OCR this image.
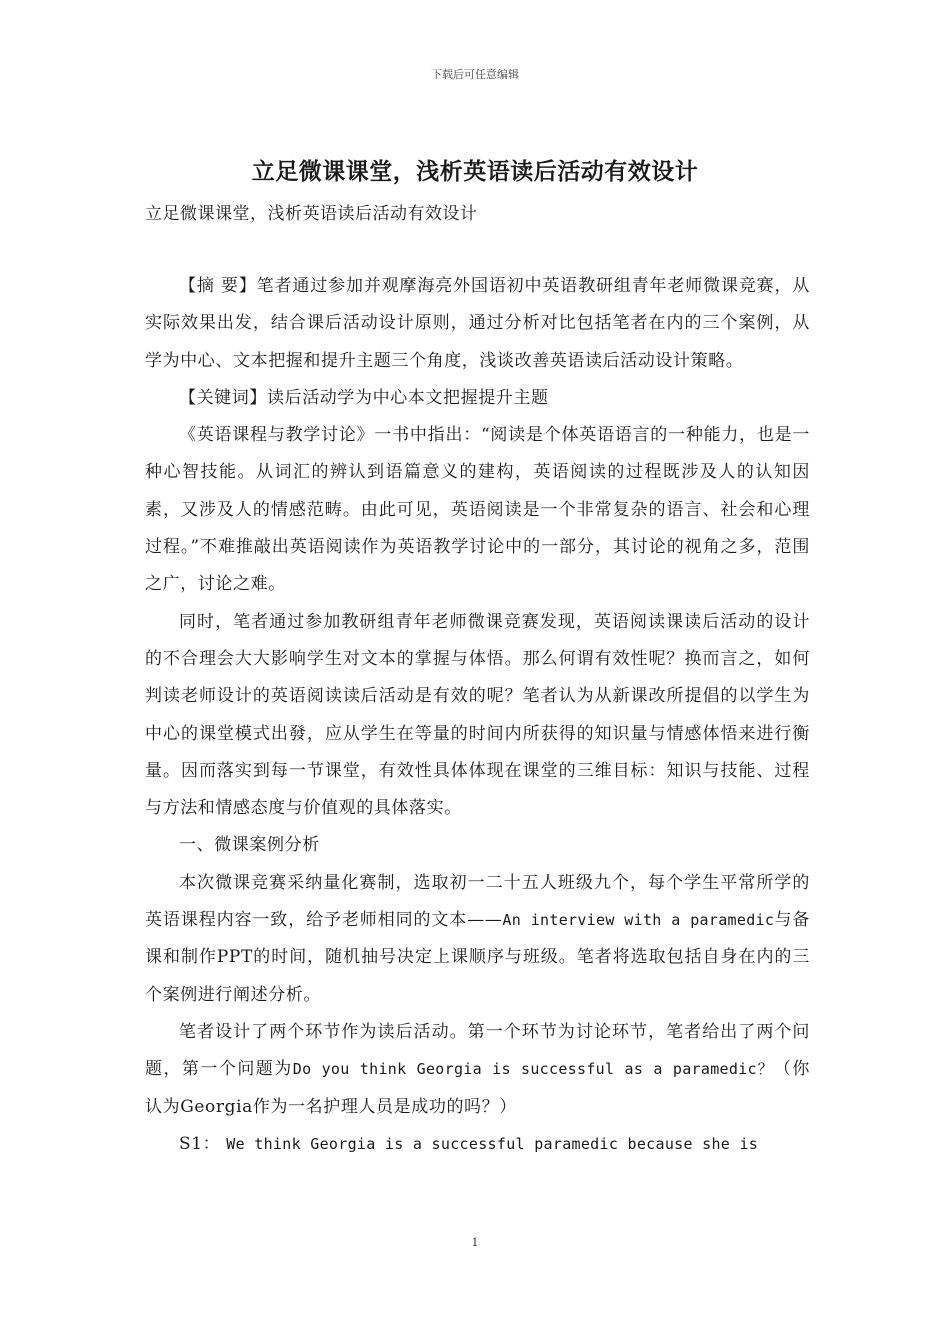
下载后可任意编辑
立足微课课堂，浅析英语读后活动有效设计
立足微课课堂，浅析英语读后活动有效设计

【摘 要】笔者通过参加并观摩海亮外国语初中英语教研组青年老师微课竞赛，从实际效果出发，结合课后活动设计原则，通过分析对比包括笔者在内的三个案例，从学为中心、文本把握和提升主题三个角度，浅谈改善英语读后活动设计策略。

【关键词】读后活动学为中心本文把握提升主题

《英语课程与教学讨论》一书中指出：“阅读是个体英语语言的一种能力，也是一种心智技能。从词汇的辨认到语篇意义的建构，英语阅读的过程既涉及人的认知因素，又涉及人的情感范畴。由此可见，英语阅读是一个非常复杂的语言、社会和心理过程。”不难推敲出英语阅读作为英语教学讨论中的一部分，其讨论的视角之多，范围之广，讨论之难。

同时，笔者通过参加教研组青年老师微课竞赛发现，英语阅读课读后活动的设计的不合理会大大影响学生对文本的掌握与体悟。那么何谓有效性呢？换而言之，如何判读老师设计的英语阅读读后活动是有效的呢？笔者认为从新课改所提倡的以学生为中心的课堂模式出發，应从学生在等量的时间内所获得的知识量与情感体悟来进行衡量。因而落实到每一节课堂，有效性具体体现在课堂的三维目标：知识与技能、过程与方法和情感态度与价值观的具体落实。

一、微课案例分析

本次微课竞赛采纳量化赛制，选取初一二十五人班级九个，每个学生平常所学的英语课程内容一致，给予老师相同的文本——An interview with a paramedic与备课和制作PPT的时间，随机抽号决定上课顺序与班级。笔者将选取包括自身在内的三个案例进行阐述分析。

笔者设计了两个环节作为读后活动。第一个环节为讨论环节，笔者给出了两个问题，第一个问题为Do you think Georgia is successful as a paramedic？（你认为Georgia作为一名护理人员是成功的吗？）

S1： We think Georgia is a successful paramedic because she is

1
